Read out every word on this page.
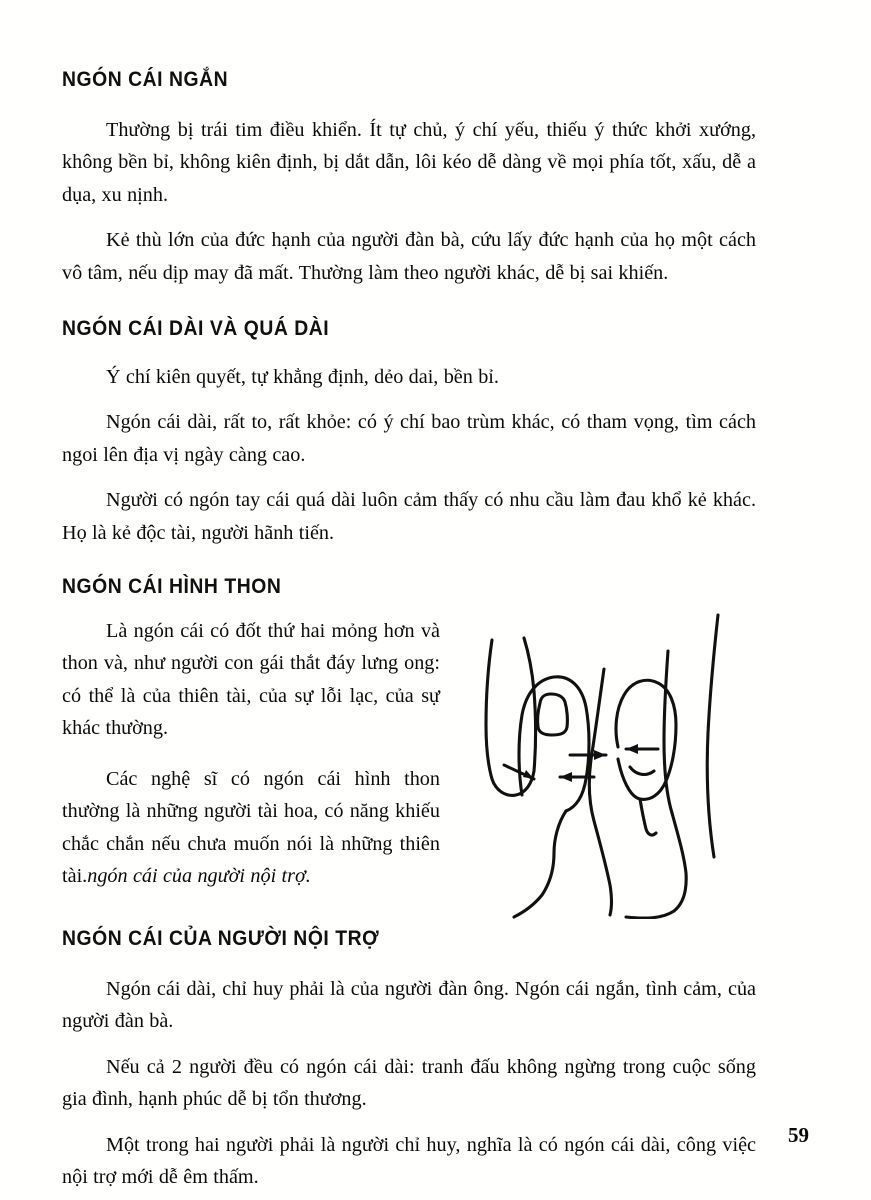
NGÓN CÁI NGẮN

Thường bị trái tim điều khiển. Ít tự chủ, ý chí yếu, thiếu ý thức khởi xướng, không bền bỉ, không kiên định, bị dắt dẫn, lôi kéo dễ dàng về mọi phía tốt, xấu, dễ a dụa, xu nịnh.

Kẻ thù lớn của đức hạnh của người đàn bà, cứu lấy đức hạnh của họ một cách vô tâm, nếu dịp may đã mất. Thường làm theo người khác, dễ bị sai khiến.

NGÓN CÁI DÀI VÀ QUÁ DÀI

Ý chí kiên quyết, tự khẳng định, dẻo dai, bền bỉ.

Ngón cái dài, rất to, rất khỏe: có ý chí bao trùm khác, có tham vọng, tìm cách ngoi lên địa vị ngày càng cao.

Người có ngón tay cái quá dài luôn cảm thấy có nhu cầu làm đau khổ kẻ khác. Họ là kẻ độc tài, người hãnh tiến.

NGÓN CÁI HÌNH THON

Là ngón cái có đốt thứ hai mỏng hơn và thon và, như người con gái thắt đáy lưng ong: có thể là của thiên tài, của sự lỗi lạc, của sự khác thường.

Các nghệ sĩ có ngón cái hình thon thường là những người tài hoa, có năng khiếu chắc chắn nếu chưa muốn nói là những thiên tài.ngón cái của người nội trợ.

NGÓN CÁI CỦA NGƯỜI NỘI TRỢ

Ngón cái dài, chỉ huy phải là của người đàn ông. Ngón cái ngắn, tình cảm, của người đàn bà.

Nếu cả 2 người đều có ngón cái dài: tranh đấu không ngừng trong cuộc sống gia đình, hạnh phúc dễ bị tổn thương.

Một trong hai người phải là người chỉ huy, nghĩa là có ngón cái dài, công việc nội trợ mới dễ êm thấm.

59
